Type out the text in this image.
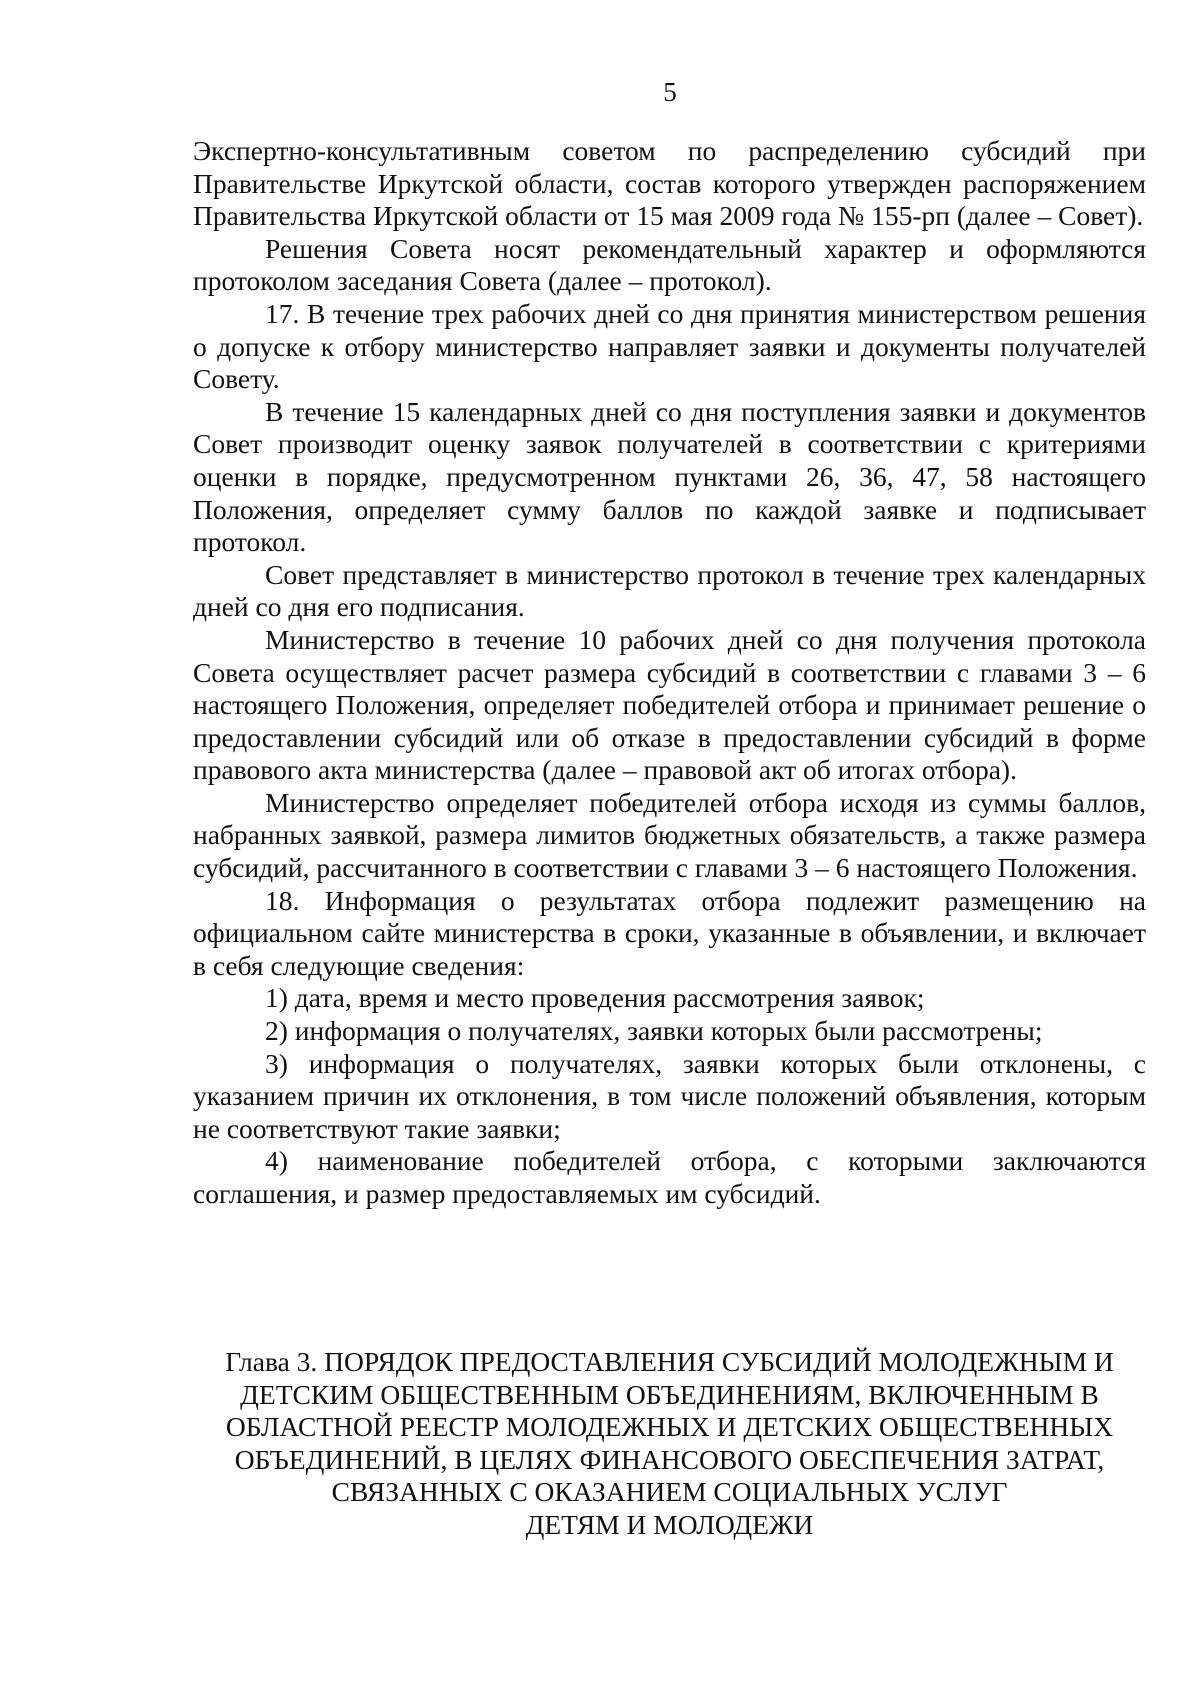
5

Экспертно-консультативным советом по распределению субсидий при Правительстве Иркутской области, состав которого утвержден распоряжением Правительства Иркутской области от 15 мая 2009 года № 155-рп (далее – Совет).

Решения Совета носят рекомендательный характер и оформляются протоколом заседания Совета (далее – протокол).

17. В течение трех рабочих дней со дня принятия министерством решения о допуске к отбору министерство направляет заявки и документы получателей Совету.

В течение 15 календарных дней со дня поступления заявки и документов Совет производит оценку заявок получателей в соответствии с критериями оценки в порядке, предусмотренном пунктами 26, 36, 47, 58 настоящего Положения, определяет сумму баллов по каждой заявке и подписывает протокол.

Совет представляет в министерство протокол в течение трех календарных дней со дня его подписания.

Министерство в течение 10 рабочих дней со дня получения протокола Совета осуществляет расчет размера субсидий в соответствии с главами 3 – 6 настоящего Положения, определяет победителей отбора и принимает решение о предоставлении субсидий или об отказе в предоставлении субсидий в форме правового акта министерства (далее – правовой акт об итогах отбора).

Министерство определяет победителей отбора исходя из суммы баллов, набранных заявкой, размера лимитов бюджетных обязательств, а также размера субсидий, рассчитанного в соответствии с главами 3 – 6 настоящего Положения.

18. Информация о результатах отбора подлежит размещению на официальном сайте министерства в сроки, указанные в объявлении, и включает в себя следующие сведения:

1) дата, время и место проведения рассмотрения заявок;

2) информация о получателях, заявки которых были рассмотрены;

3) информация о получателях, заявки которых были отклонены, с указанием причин их отклонения, в том числе положений объявления, которым не соответствуют такие заявки;

4) наименование победителей отбора, с которыми заключаются соглашения, и размер предоставляемых им субсидий.

Глава 3. ПОРЯДОК ПРЕДОСТАВЛЕНИЯ СУБСИДИЙ МОЛОДЕЖНЫМ И
ДЕТСКИМ ОБЩЕСТВЕННЫМ ОБЪЕДИНЕНИЯМ, ВКЛЮЧЕННЫМ В
ОБЛАСТНОЙ РЕЕСТР МОЛОДЕЖНЫХ И ДЕТСКИХ ОБЩЕСТВЕННЫХ
ОБЪЕДИНЕНИЙ, В ЦЕЛЯХ ФИНАНСОВОГО ОБЕСПЕЧЕНИЯ ЗАТРАТ,
СВЯЗАННЫХ С ОКАЗАНИЕМ СОЦИАЛЬНЫХ УСЛУГ
ДЕТЯМ И МОЛОДЕЖИ
